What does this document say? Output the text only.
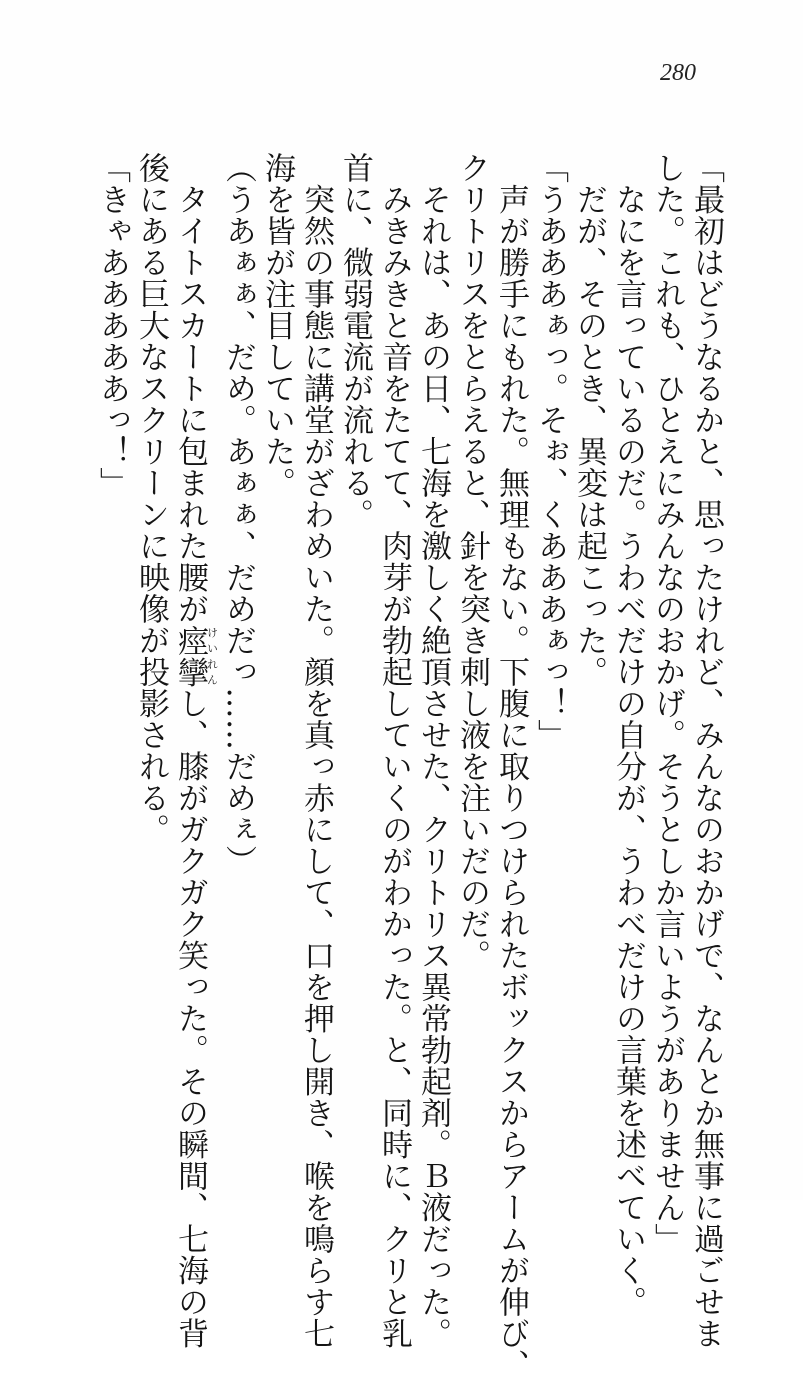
280
「最初はどうなるかと、思ったけれど、みんなのおかげで、なんとか無事に過ごせま
した。これも、ひとえにみんなのおかげ。そうとしか言いようがありません」
　なにを言っているのだ。うわべだけの自分が、うわべだけの言葉を述べていく。
　だが、そのとき、異変は起こった。
「うあああぁっ。そぉ、くあああぁっ！」
　声が勝手にもれた。無理もない。下腹に取りつけられたボックスからアームが伸び、
クリトリスをとらえると、針を突き刺し液を注いだのだ。
　それは、あの日、七海を激しく絶頂させた、クリトリス異常勃起剤。Ｂ液だった。
　みきみきと音をたてて、肉芽が勃起していくのがわかった。と、同時に、クリと乳
首に、微弱電流が流れる。
　突然の事態に講堂がざわめいた。顔を真っ赤にして、口を押し開き、喉を鳴らす七
海を皆が注目していた。
（うあぁぁ、だめ。あぁぁ、だめだっ……だめぇ）
　タイトスカートに包まれた腰が痙攣けいれんし、膝がガクガク笑った。その瞬間、七海の背
後にある巨大なスクリーンに映像が投影される。
「きゃあああああっ！」
